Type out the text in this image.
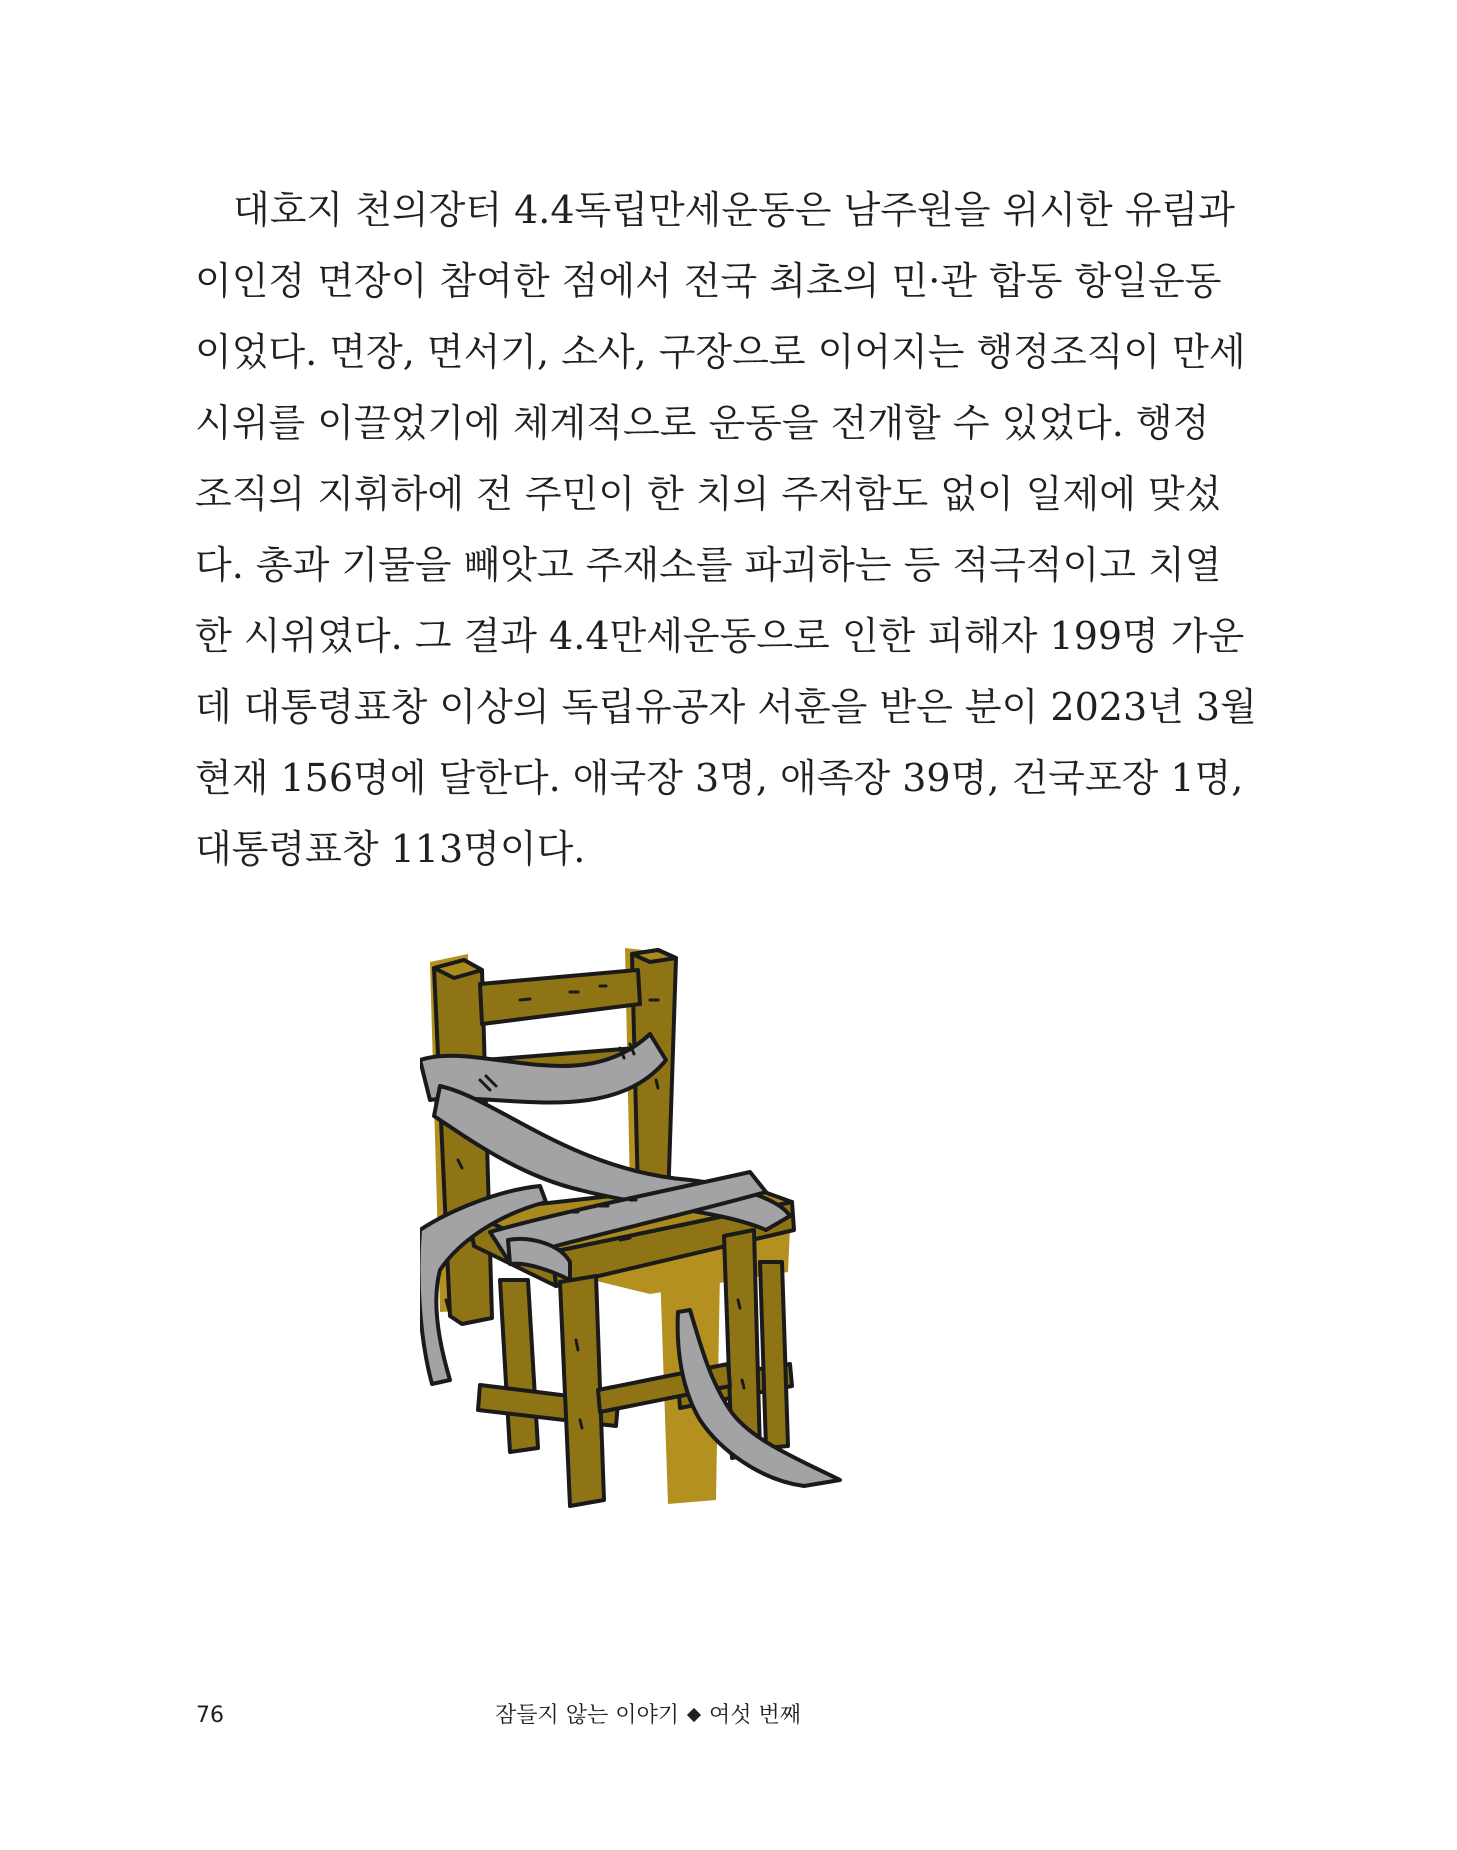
대호지 천의장터 4.4독립만세운동은 남주원을 위시한 유림과
이인정 면장이 참여한 점에서 전국 최초의 민·관 합동 항일운동
이었다. 면장, 면서기, 소사, 구장으로 이어지는 행정조직이 만세
시위를 이끌었기에 체계적으로 운동을 전개할 수 있었다. 행정
조직의 지휘하에 전 주민이 한 치의 주저함도 없이 일제에 맞섰
다. 총과 기물을 빼앗고 주재소를 파괴하는 등 적극적이고 치열
한 시위였다. 그 결과 4.4만세운동으로 인한 피해자 199명 가운
데 대통령표창 이상의 독립유공자 서훈을 받은 분이 2023년 3월
현재 156명에 달한다. 애국장 3명, 애족장 39명, 건국포장 1명,
대통령표창 113명이다.
76	잠들지 않는 이야기 여섯 번째
